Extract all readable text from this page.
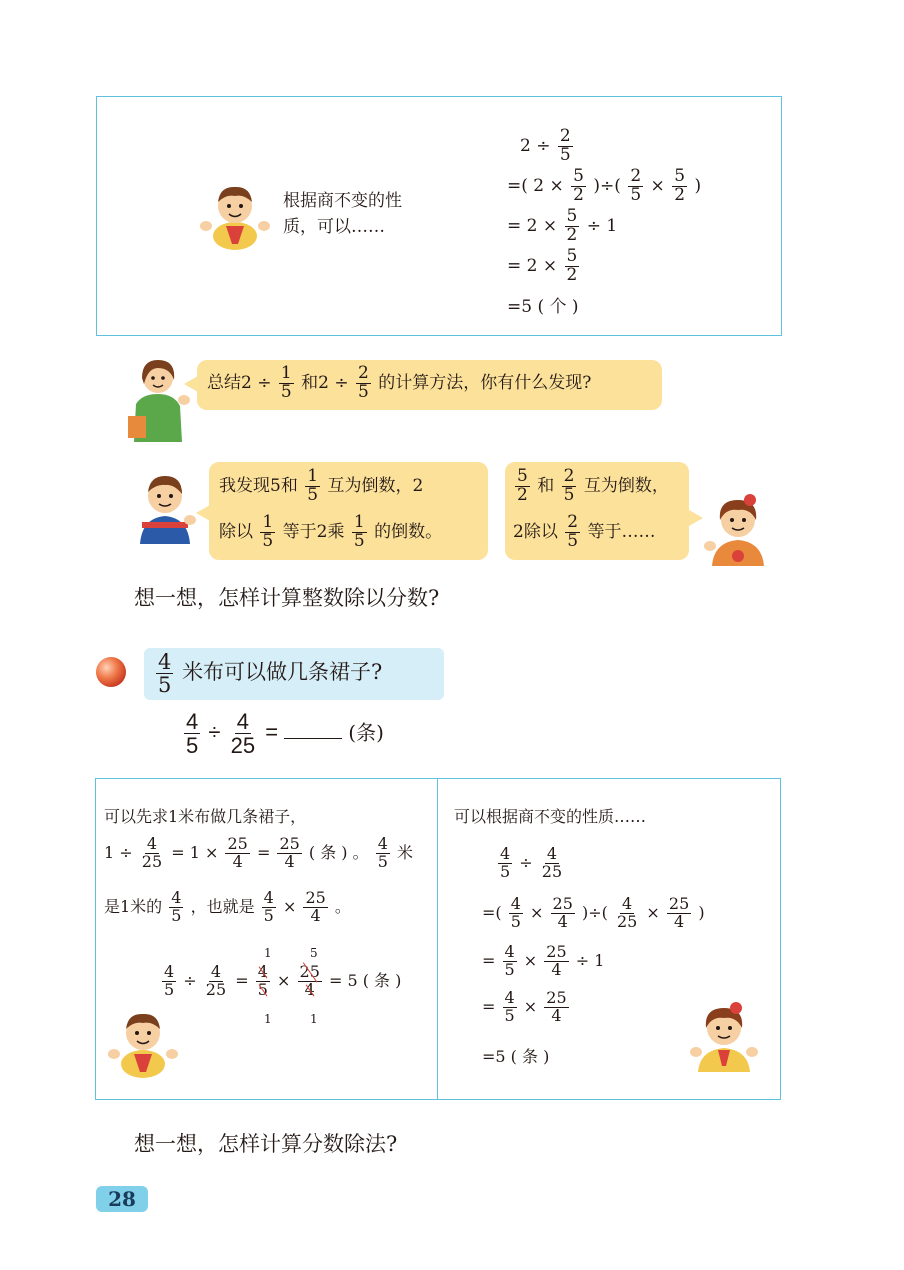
根据商不变的性
质，可以……
$2 \div \frac{2}{5}$
=( $2 \times \frac{5}{2}$ )÷( $\frac{2}{5} \times \frac{5}{2}$ )
= $2 \times \frac{5}{2} \div 1$
= $2 \times \frac{5}{2}$
=5 ( 个 )
总结$2 \div \frac{1}{5}$ 和$2 \div \frac{2}{5}$ 的计算方法，你有什么发现?
我发现5和 $\frac{1}{5}$ 互为倒数，2
除以 $\frac{1}{5}$ 等于2乘 $\frac{1}{5}$ 的倒数。
$\frac{5}{2}$ 和 $\frac{2}{5}$ 互为倒数，
2除以 $\frac{2}{5}$ 等于……
想一想，怎样计算整数除以分数?
$\frac{4}{5}$ 米布可以做几条裙子?
$\frac{4}{5} \div \frac{4}{25}$ =	(条)
可以先求1米布做几条裙子，
$1 \div \frac{4}{25} = 1 \times \frac{25}{4} = \frac{25}{4}$ ( 条 ) 。 $\frac{4}{5}$ 米
是1米的 $\frac{4}{5}$ ，也就是 $\frac{4}{5} \times \frac{25}{4}$ 。
1	5
$\frac{4}{5} \div \frac{4}{25} = \frac{4}{5} \times \frac{25}{4} = 5$ ( 条 )
1	1
可以根据商不变的性质……
$\frac{4}{5} \div \frac{4}{25}$
=( $\frac{4}{5} \times \frac{25}{4}$ )÷( $\frac{4}{25} \times \frac{25}{4}$ )
= $\frac{4}{5} \times \frac{25}{4} \div 1$
= $\frac{4}{5} \times \frac{25}{4}$
=5 ( 条 )
想一想，怎样计算分数除法?
28
